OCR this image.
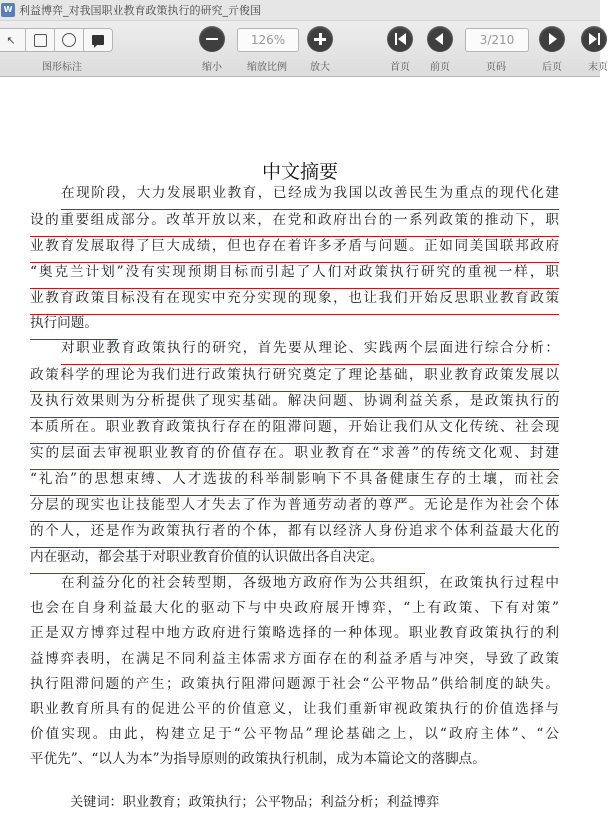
W 利益博弈_对我国职业教育政策执行的研究_亓俊国
↖
图形标注	缩小
126%
缩放比例 放大	首页 前页
3/210
页码	后页	末页
中文摘要
在现阶段，大力发展职业教育，已经成为我国以改善民生为重点的现代化建
设的重要组成部分。改革开放以来，在党和政府出台的一系列政策的推动下，职
业教育发展取得了巨大成绩，但也存在着许多矛盾与问题。正如同美国联邦政府
“奥克兰计划”没有实现预期目标而引起了人们对政策执行研究的重视一样，职
业教育政策目标没有在现实中充分实现的现象，也让我们开始反思职业教育政策
执行问题。
对职业教育政策执行的研究，首先要从理论、实践两个层面进行综合分析：
政策科学的理论为我们进行政策执行研究奠定了理论基础，职业教育政策发展以
及执行效果则为分析提供了现实基础。解决问题、协调利益关系，是政策执行的
本质所在。职业教育政策执行存在的阻滞问题，开始让我们从文化传统、社会现
实的层面去审视职业教育的价值存在。职业教育在“求善”的传统文化观、封建
“礼治”的思想束缚、人才选拔的科举制影响下不具备健康生存的土壤，而社会
分层的现实也让技能型人才失去了作为普通劳动者的尊严。无论是作为社会个体
的个人，还是作为政策执行者的个体，都有以经济人身份追求个体利益最大化的
内在驱动，都会基于对职业教育价值的认识做出各自决定。
在利益分化的社会转型期，各级地方政府作为公共组织，在政策执行过程中
也会在自身利益最大化的驱动下与中央政府展开博弈，“上有政策、下有对策”
正是双方博弈过程中地方政府进行策略选择的一种体现。职业教育政策执行的利
益博弈表明，在满足不同利益主体需求方面存在的利益矛盾与冲突，导致了政策
执行阻滞问题的产生；政策执行阻滞问题源于社会“公平物品”供给制度的缺失。
职业教育所具有的促进公平的价值意义，让我们重新审视政策执行的价值选择与
价值实现。由此，构建立足于“公平物品”理论基础之上，以“政府主体”、“公
平优先”、“以人为本”为指导原则的政策执行机制，成为本篇论文的落脚点。
关键词：职业教育；政策执行；公平物品；利益分析；利益博弈
